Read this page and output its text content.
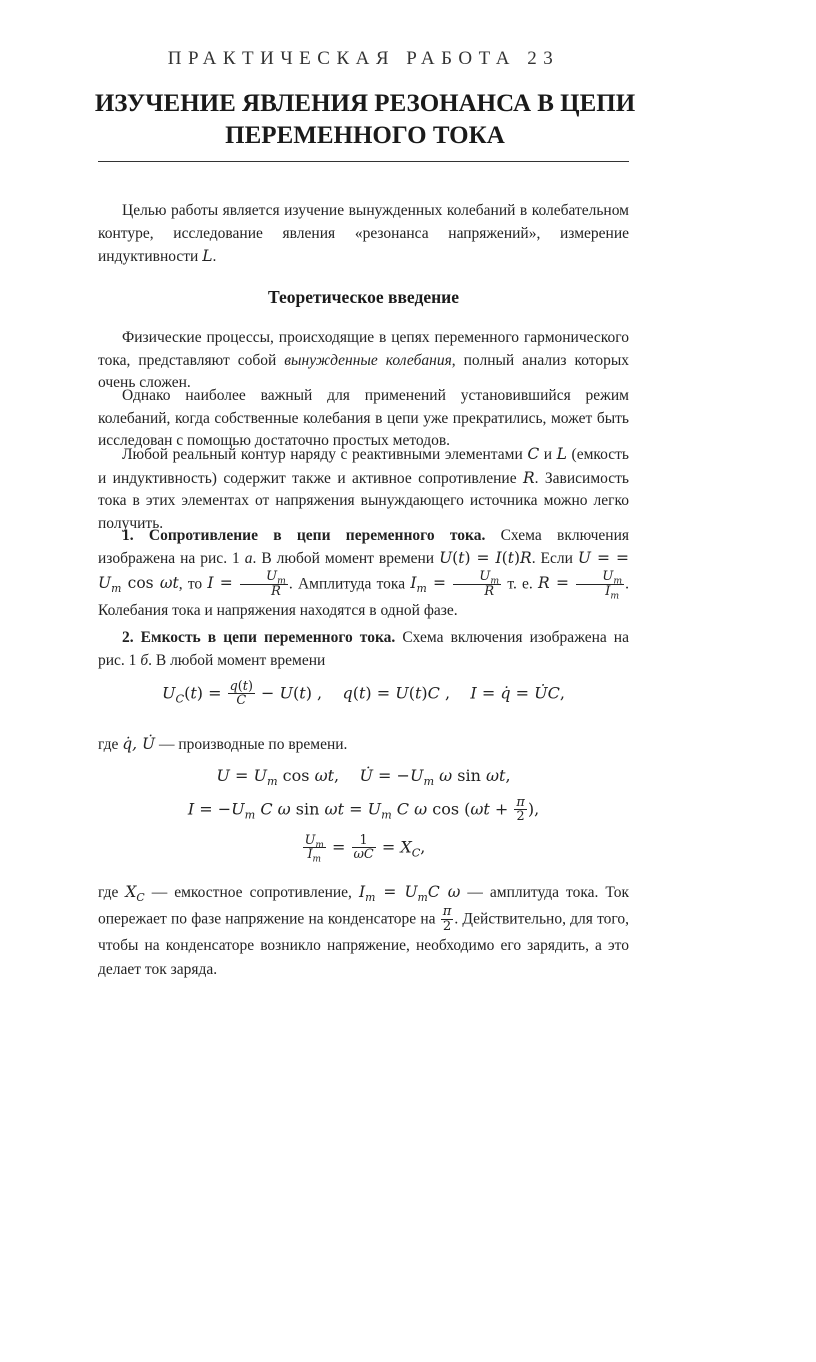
ПРАКТИЧЕСКАЯ РАБОТА 23
ИЗУЧЕНИЕ ЯВЛЕНИЯ РЕЗОНАНСА В ЦЕПИ
ПЕРЕМЕННОГО ТОКА

Целью работы является изучение вынужденных колебаний в колебательном контуре, исследование явления «резонанса напряжений», измерение индуктивности L.

Теоретическое введение

Физические процессы, происходящие в цепях переменного гармонического тока, представляют собой вынужденные колебания, полный анализ которых очень сложен.

Однако наиболее важный для применений установившийся режим колебаний, когда собственные колебания в цепи уже прекратились, может быть исследован с помощью достаточно простых методов.

Любой реальный контур наряду с реактивными элементами C и L (емкость и индуктивность) содержит также и активное сопротивление R. Зависимость тока в этих элементах от напряжения вынуждающего источника можно легко получить.

1. Сопротивление в цепи переменного тока. Схема включения изображена на рис. 1 а. В любой момент времени U(t) = I(t)R. Если U = = $U_m$ cos ωt, то $I = \frac{U_m}{R}$ . Амплитуда тока $I_m = \frac{U_m}{R} т$. е. $R = \frac{U_m}{I_m}$ . Колебания тока и напряжения находятся в одной фазе.

2. Емкость в цепи переменного тока. Схема включения изображена на рис. 1 б. В любой момент времени

$U_C(t) = \frac{q(t)}{C} - U(t)$ ,    q(t) = U(t)C ,    I = q̇ = U̇C,

где q̇, U̇ — производные по времени.

$U = U_m$ cos ωt,    U̇ = $-U_m$ ω sin ωt,
$I = -U_m$ C ω $\sin \omega t = U_m$ C ω $\cos (\omega t + \frac{\pi}{2}$ ),
$\frac{U_m}{I_m} = \frac{1}{\omega C} = X_C$,

где $X_C$ — емкостное сопротивление, $I_m = U_mC$ ω — амплитуда тока. Ток опережает по фазе напряжение на конденсаторе на $\frac{\pi}{2}$ . Действительно, для того, чтобы на конденсаторе возникло напряжение, необходимо его зарядить, а это делает ток заряда.
